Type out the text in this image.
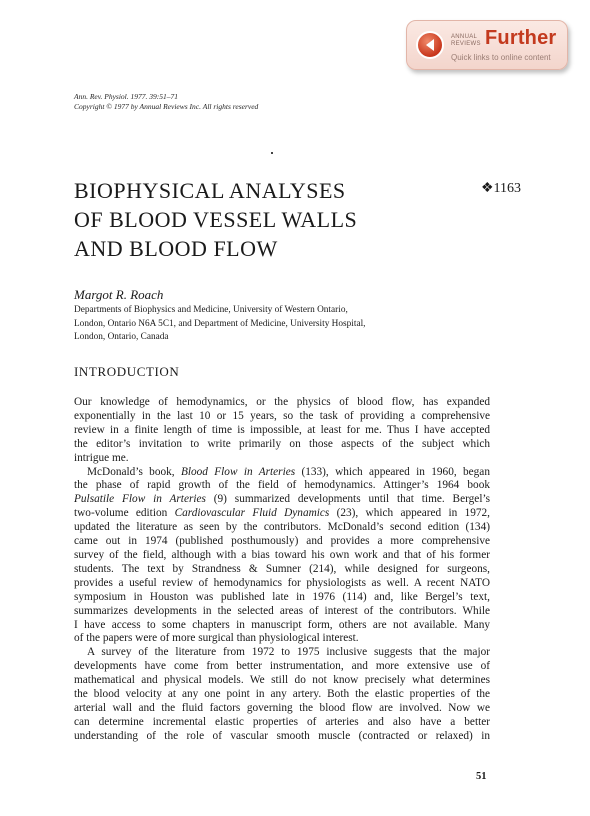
ANNUAL
REVIEWS Further
Quick links to online content
Ann. Rev. Physiol. 1977. 39:51–71
Copyright © 1977 by Annual Reviews Inc. All rights reserved
BIOPHYSICAL ANALYSES
OF BLOOD VESSEL WALLS
AND BLOOD FLOW
❖1163
Margot R. Roach
Departments of Biophysics and Medicine, University of Western Ontario,
London, Ontario N6A 5C1, and Department of Medicine, University Hospital,
London, Ontario, Canada
INTRODUCTION

Our knowledge of hemodynamics, or the physics of blood flow, has expanded

exponentially in the last 10 or 15 years, so the task of providing a comprehensive

review in a finite length of time is impossible, at least for me. Thus I have accepted

the editor’s invitation to write primarily on those aspects of the subject which

intrigue me.

McDonald’s book, Blood Flow in Arteries (133), which appeared in 1960, began

the phase of rapid growth of the field of hemodynamics. Attinger’s 1964 book

Pulsatile Flow in Arteries (9) summarized developments until that time. Bergel’s

two-volume edition Cardiovascular Fluid Dynamics (23), which appeared in 1972,

updated the literature as seen by the contributors. McDonald’s second edition (134)

came out in 1974 (published posthumously) and provides a more comprehensive

survey of the field, although with a bias toward his own work and that of his former

students. The text by Strandness & Sumner (214), while designed for surgeons,

provides a useful review of hemodynamics for physiologists as well. A recent NATO

symposium in Houston was published late in 1976 (114) and, like Bergel’s text,

summarizes developments in the selected areas of interest of the contributors. While

I have access to some chapters in manuscript form, others are not available. Many

of the papers were of more surgical than physiological interest.

A survey of the literature from 1972 to 1975 inclusive suggests that the major

developments have come from better instrumentation, and more extensive use of

mathematical and physical models. We still do not know precisely what determines

the blood velocity at any one point in any artery. Both the elastic properties of the

arterial wall and the fluid factors governing the blood flow are involved. Now we

can determine incremental elastic properties of arteries and also have a better

understanding of the role of vascular smooth muscle (contracted or relaxed) in

51
